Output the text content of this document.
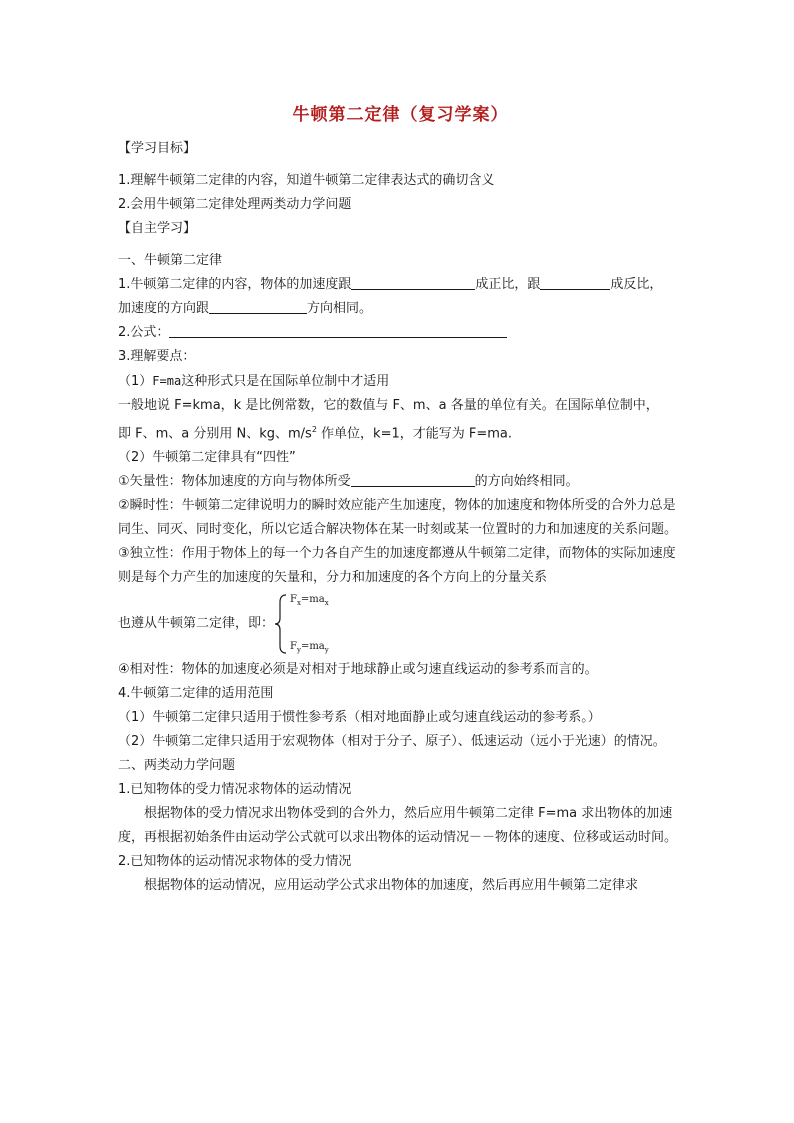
牛顿第二定律（复习学案）

【学习目标】

1.理解牛顿第二定律的内容，知道牛顿第二定律表达式的确切含义

2.会用牛顿第二定律处理两类动力学问题

【自主学习】

一、牛顿第二定律

1.牛顿第二定律的内容，物体的加速度跟	成正比，跟	成反比，

加速度的方向跟	方向相同。

2.公式：

3.理解要点：

（1）F=ma这种形式只是在国际单位制中才适用

一般地说 F=kma，k 是比例常数，它的数值与 F、m、a 各量的单位有关。在国际单位制中，

即 F、m、a 分别用 N、kg、$m/s^2$ 作单位，k=1，才能写为 F=ma.

（2）牛顿第二定律具有“四性”

①矢量性：物体加速度的方向与物体所受	的方向始终相同。

②瞬时性：牛顿第二定律说明力的瞬时效应能产生加速度，物体的加速度和物体所受的合外力总是同生、同灭、同时变化，所以它适合解决物体在某一时刻或某一位置时的力和加速度的关系问题。

③独立性：作用于物体上的每一个力各自产生的加速度都遵从牛顿第二定律，而物体的实际加速度则是每个力产生的加速度的矢量和，分力和加速度的各个方向上的分量关系

也遵从牛顿第二定律，即：
$F_x=ma_x$
$F_y=ma_y$

④相对性：物体的加速度必须是对相对于地球静止或匀速直线运动的参考系而言的。

4.牛顿第二定律的适用范围

（1）牛顿第二定律只适用于惯性参考系（相对地面静止或匀速直线运动的参考系。）

（2）牛顿第二定律只适用于宏观物体（相对于分子、原子）、低速运动（远小于光速）的情况。

二、两类动力学问题

1.已知物体的受力情况求物体的运动情况

根据物体的受力情况求出物体受到的合外力，然后应用牛顿第二定律 F=ma 求出物体的加速度，再根据初始条件由运动学公式就可以求出物体的运动情况－－物体的速度、位移或运动时间。

2.已知物体的运动情况求物体的受力情况

根据物体的运动情况，应用运动学公式求出物体的加速度，然后再应用牛顿第二定律求
